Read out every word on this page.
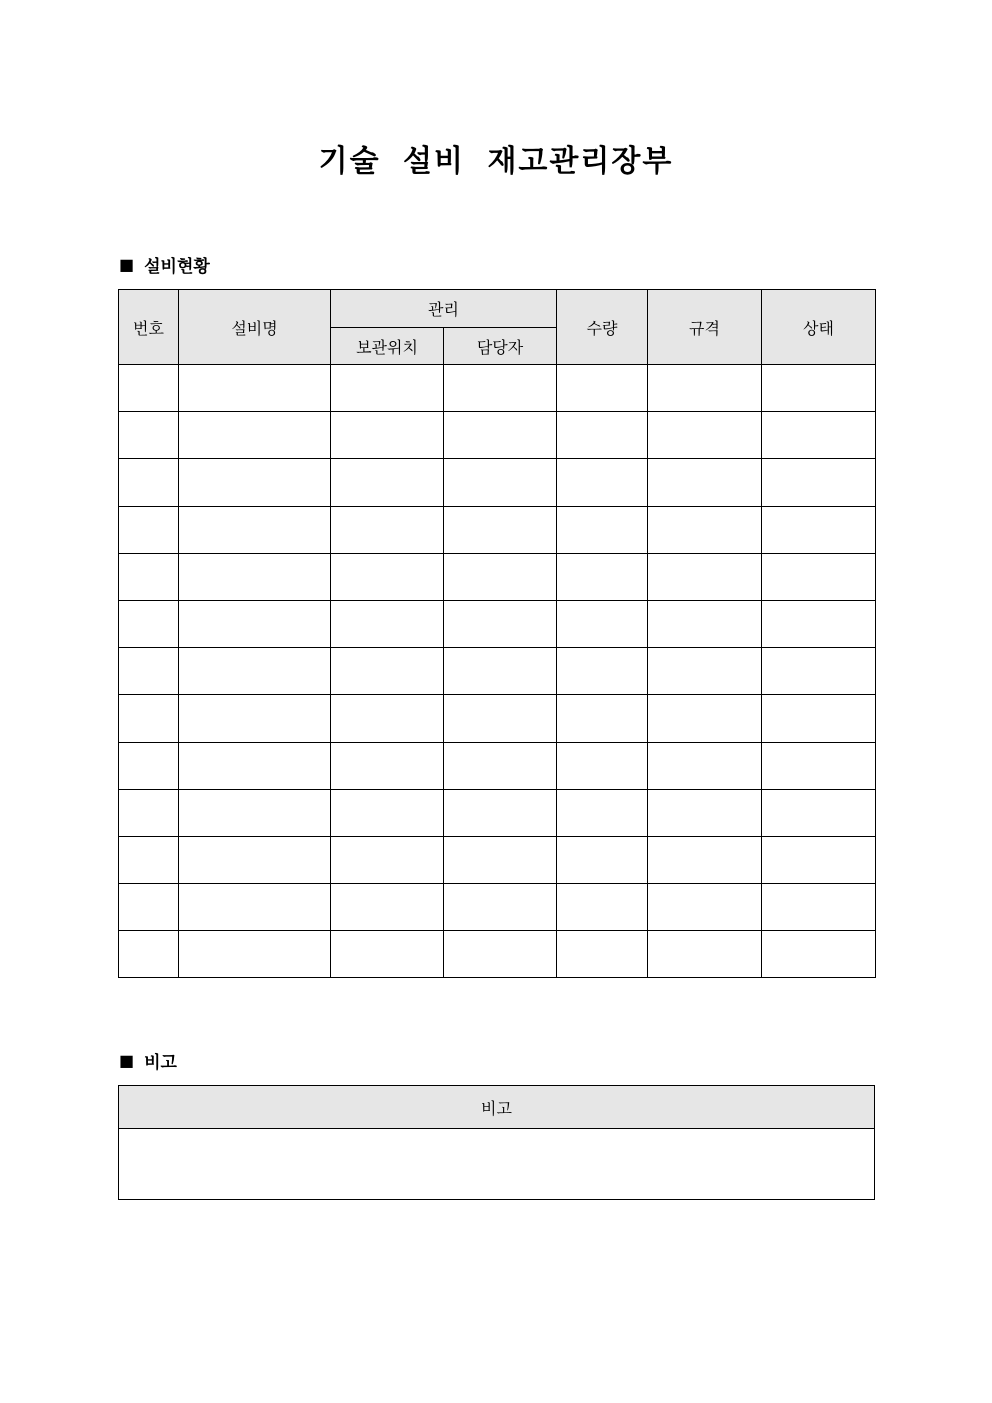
기술 설비 재고관리장부
■ 설비현황
번호	설비명	관리		수량	규격	상태
		보관위치	담당자			

■ 비고
비고
